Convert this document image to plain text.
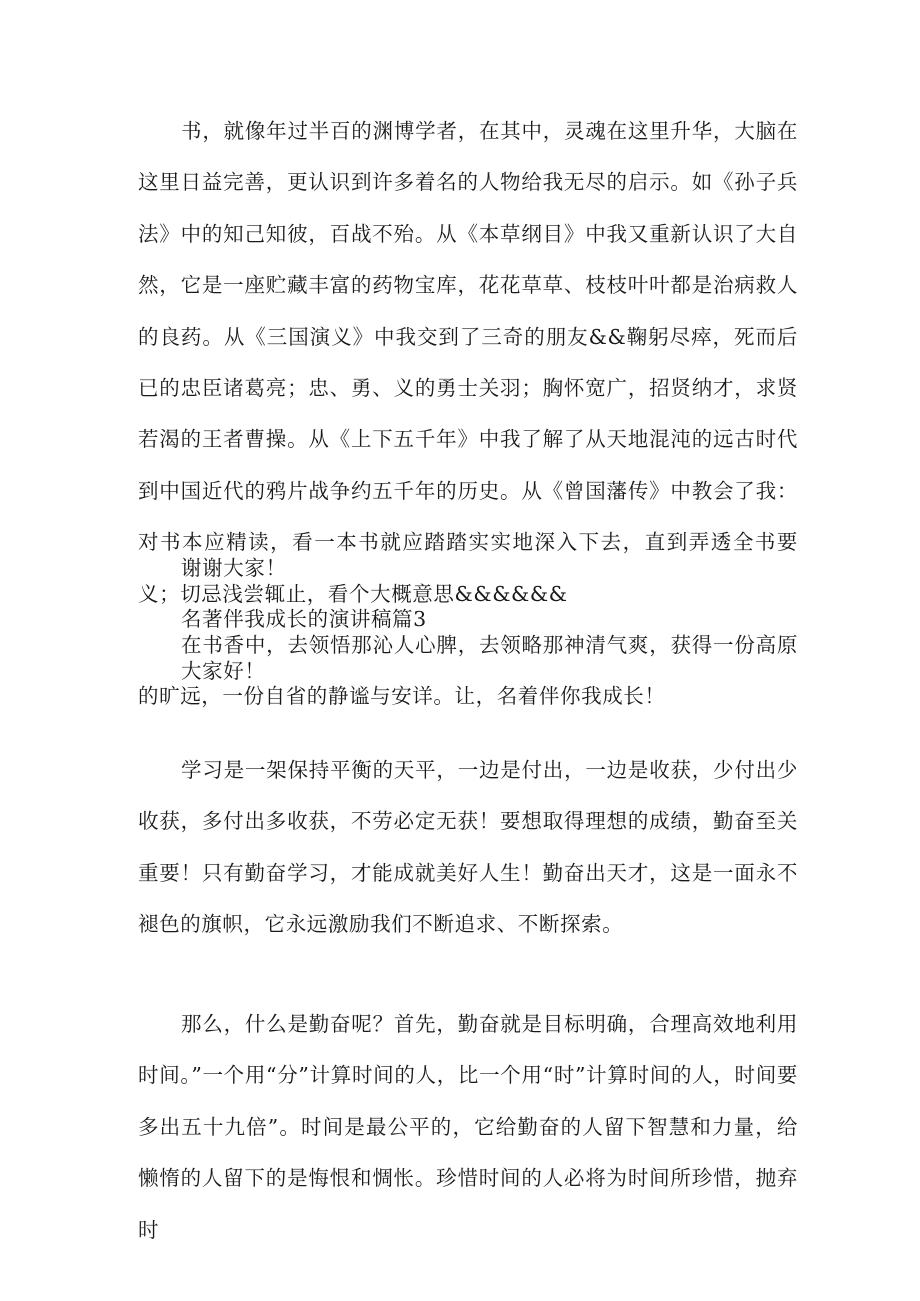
书，就像年过半百的渊博学者，在其中，灵魂在这里升华，大脑在这里日益完善，更认识到许多着名的人物给我无尽的启示。如《孙子兵法》中的知己知彼，百战不殆。从《本草纲目》中我又重新认识了大自然，它是一座贮藏丰富的药物宝库，花花草草、枝枝叶叶都是治病救人的良药。从《三国演义》中我交到了三奇的朋友&&鞠躬尽瘁，死而后已的忠臣诸葛亮；忠、勇、义的勇士关羽；胸怀宽广，招贤纳才，求贤若渴的王者曹操。从《上下五千年》中我了解了从天地混沌的远古时代到中国近代的鸦片战争约五千年的历史。从《曾国藩传》中教会了我：对书本应精读，看一本书就应踏踏实实地深入下去，直到弄透全书要义；切忌浅尝辄止，看个大概意思&&&&&&

在书香中，去领悟那沁人心脾，去领略那神清气爽，获得一份高原的旷远，一份自省的静谧与安详。让，名着伴你我成长！

谢谢大家！

名著伴我成长的演讲稿篇3

大家好！

学习是一架保持平衡的天平，一边是付出，一边是收获，少付出少收获，多付出多收获，不劳必定无获！要想取得理想的成绩，勤奋至关重要！只有勤奋学习，才能成就美好人生！勤奋出天才，这是一面永不褪色的旗帜，它永远激励我们不断追求、不断探索。

那么，什么是勤奋呢？首先，勤奋就是目标明确，合理高效地利用时间。”一个用“分”计算时间的人，比一个用“时”计算时间的人，时间要多出五十九倍”。时间是最公平的，它给勤奋的人留下智慧和力量，给懒惰的人留下的是悔恨和惆怅。珍惜时间的人必将为时间所珍惜，抛弃时
